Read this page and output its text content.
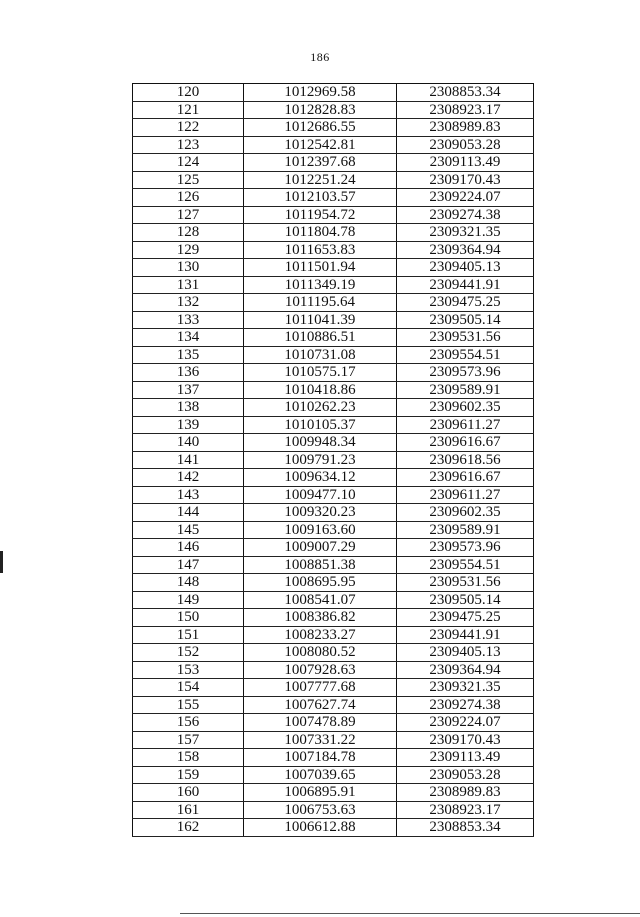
186
120	1012969.58	2308853.34
121	1012828.83	2308923.17
122	1012686.55	2308989.83
123	1012542.81	2309053.28
124	1012397.68	2309113.49
125	1012251.24	2309170.43
126	1012103.57	2309224.07
127	1011954.72	2309274.38
128	1011804.78	2309321.35
129	1011653.83	2309364.94
130	1011501.94	2309405.13
131	1011349.19	2309441.91
132	1011195.64	2309475.25
133	1011041.39	2309505.14
134	1010886.51	2309531.56
135	1010731.08	2309554.51
136	1010575.17	2309573.96
137	1010418.86	2309589.91
138	1010262.23	2309602.35
139	1010105.37	2309611.27
140	1009948.34	2309616.67
141	1009791.23	2309618.56
142	1009634.12	2309616.67
143	1009477.10	2309611.27
144	1009320.23	2309602.35
145	1009163.60	2309589.91
146	1009007.29	2309573.96
147	1008851.38	2309554.51
148	1008695.95	2309531.56
149	1008541.07	2309505.14
150	1008386.82	2309475.25
151	1008233.27	2309441.91
152	1008080.52	2309405.13
153	1007928.63	2309364.94
154	1007777.68	2309321.35
155	1007627.74	2309274.38
156	1007478.89	2309224.07
157	1007331.22	2309170.43
158	1007184.78	2309113.49
159	1007039.65	2309053.28
160	1006895.91	2308989.83
161	1006753.63	2308923.17
162	1006612.88	2308853.34
